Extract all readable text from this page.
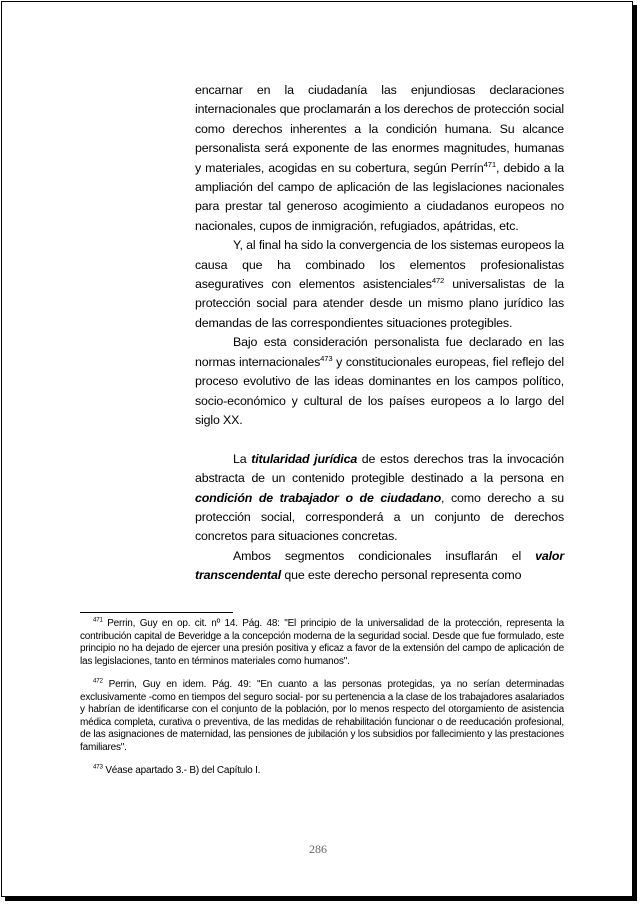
encarnar en la ciudadanía las enjundiosas declaraciones internacionales que proclamarán a los derechos de protección social como derechos inherentes a la condición humana. Su alcance personalista será exponente de las enormes magnitudes, humanas y materiales, acogidas en su cobertura, según Perrín$^{471}$, debido a la ampliación del campo de aplicación de las legislaciones nacionales para prestar tal generoso acogimiento a ciudadanos europeos no nacionales, cupos de inmigración, refugiados, apátridas, etc.

Y, al final ha sido la convergencia de los sistemas europeos la causa que ha combinado los elementos profesionalistas aseguratives con elementos asistenciales$^{472}$ universalistas de la protección social para atender desde un mismo plano jurídico las demandas de las correspondientes situaciones protegibles.

Bajo esta consideración personalista fue declarado en las normas internacionales$^{473}$ y constitucionales europeas, fiel reflejo del proceso evolutivo de las ideas dominantes en los campos político, socio-económico y cultural de los países europeos a lo largo del siglo XX.

La titularidad jurídica de estos derechos tras la invocación abstracta de un contenido protegible destinado a la persona en condición de trabajador o de ciudadano, como derecho a su protección social, corresponderá a un conjunto de derechos concretos para situaciones concretas.

Ambos segmentos condicionales insuflarán el valor transcendental que este derecho personal representa como

$^{471}$ Perrin, Guy en op. cit. nº 14. Pág. 48: "El principio de la universalidad de la protección, representa la contribución capital de Beveridge a la concepción moderna de la seguridad social. Desde que fue formulado, este principio no ha dejado de ejercer una presión positiva y eficaz a favor de la extensión del campo de aplicación de las legislaciones, tanto en términos materiales como humanos".

$^{472}$ Perrin, Guy en idem. Pág. 49: "En cuanto a las personas protegidas, ya no serían determinadas exclusivamente -como en tiempos del seguro social- por su pertenencia a la clase de los trabajadores asalariados y habrían de identificarse con el conjunto de la población, por lo menos respecto del otorgamiento de asistencia médica completa, curativa o preventiva, de las medidas de rehabilitación funcionar o de reeducación profesional, de las asignaciones de maternidad, las pensiones de jubilación y los subsidios por fallecimiento y las prestaciones familiares".

$^{473}$ Véase apartado 3.- B) del Capítulo I.

286
